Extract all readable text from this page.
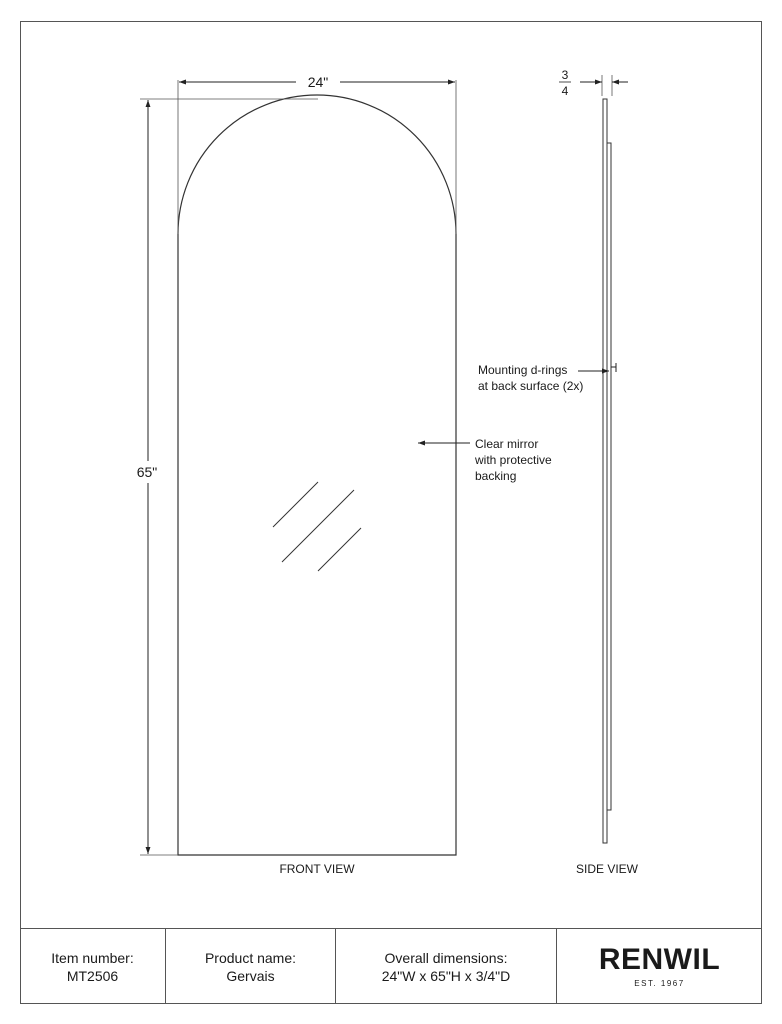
24"
65"
Clear mirror
with protective
backing
FRONT VIEW
3
4
Mounting d-rings
at back surface (2x)
SIDE VIEW
Item number:
MT2506
Product name:
Gervais
Overall dimensions:
24"W x 65"H x 3/4"D	RENWIL
EST. 1967
